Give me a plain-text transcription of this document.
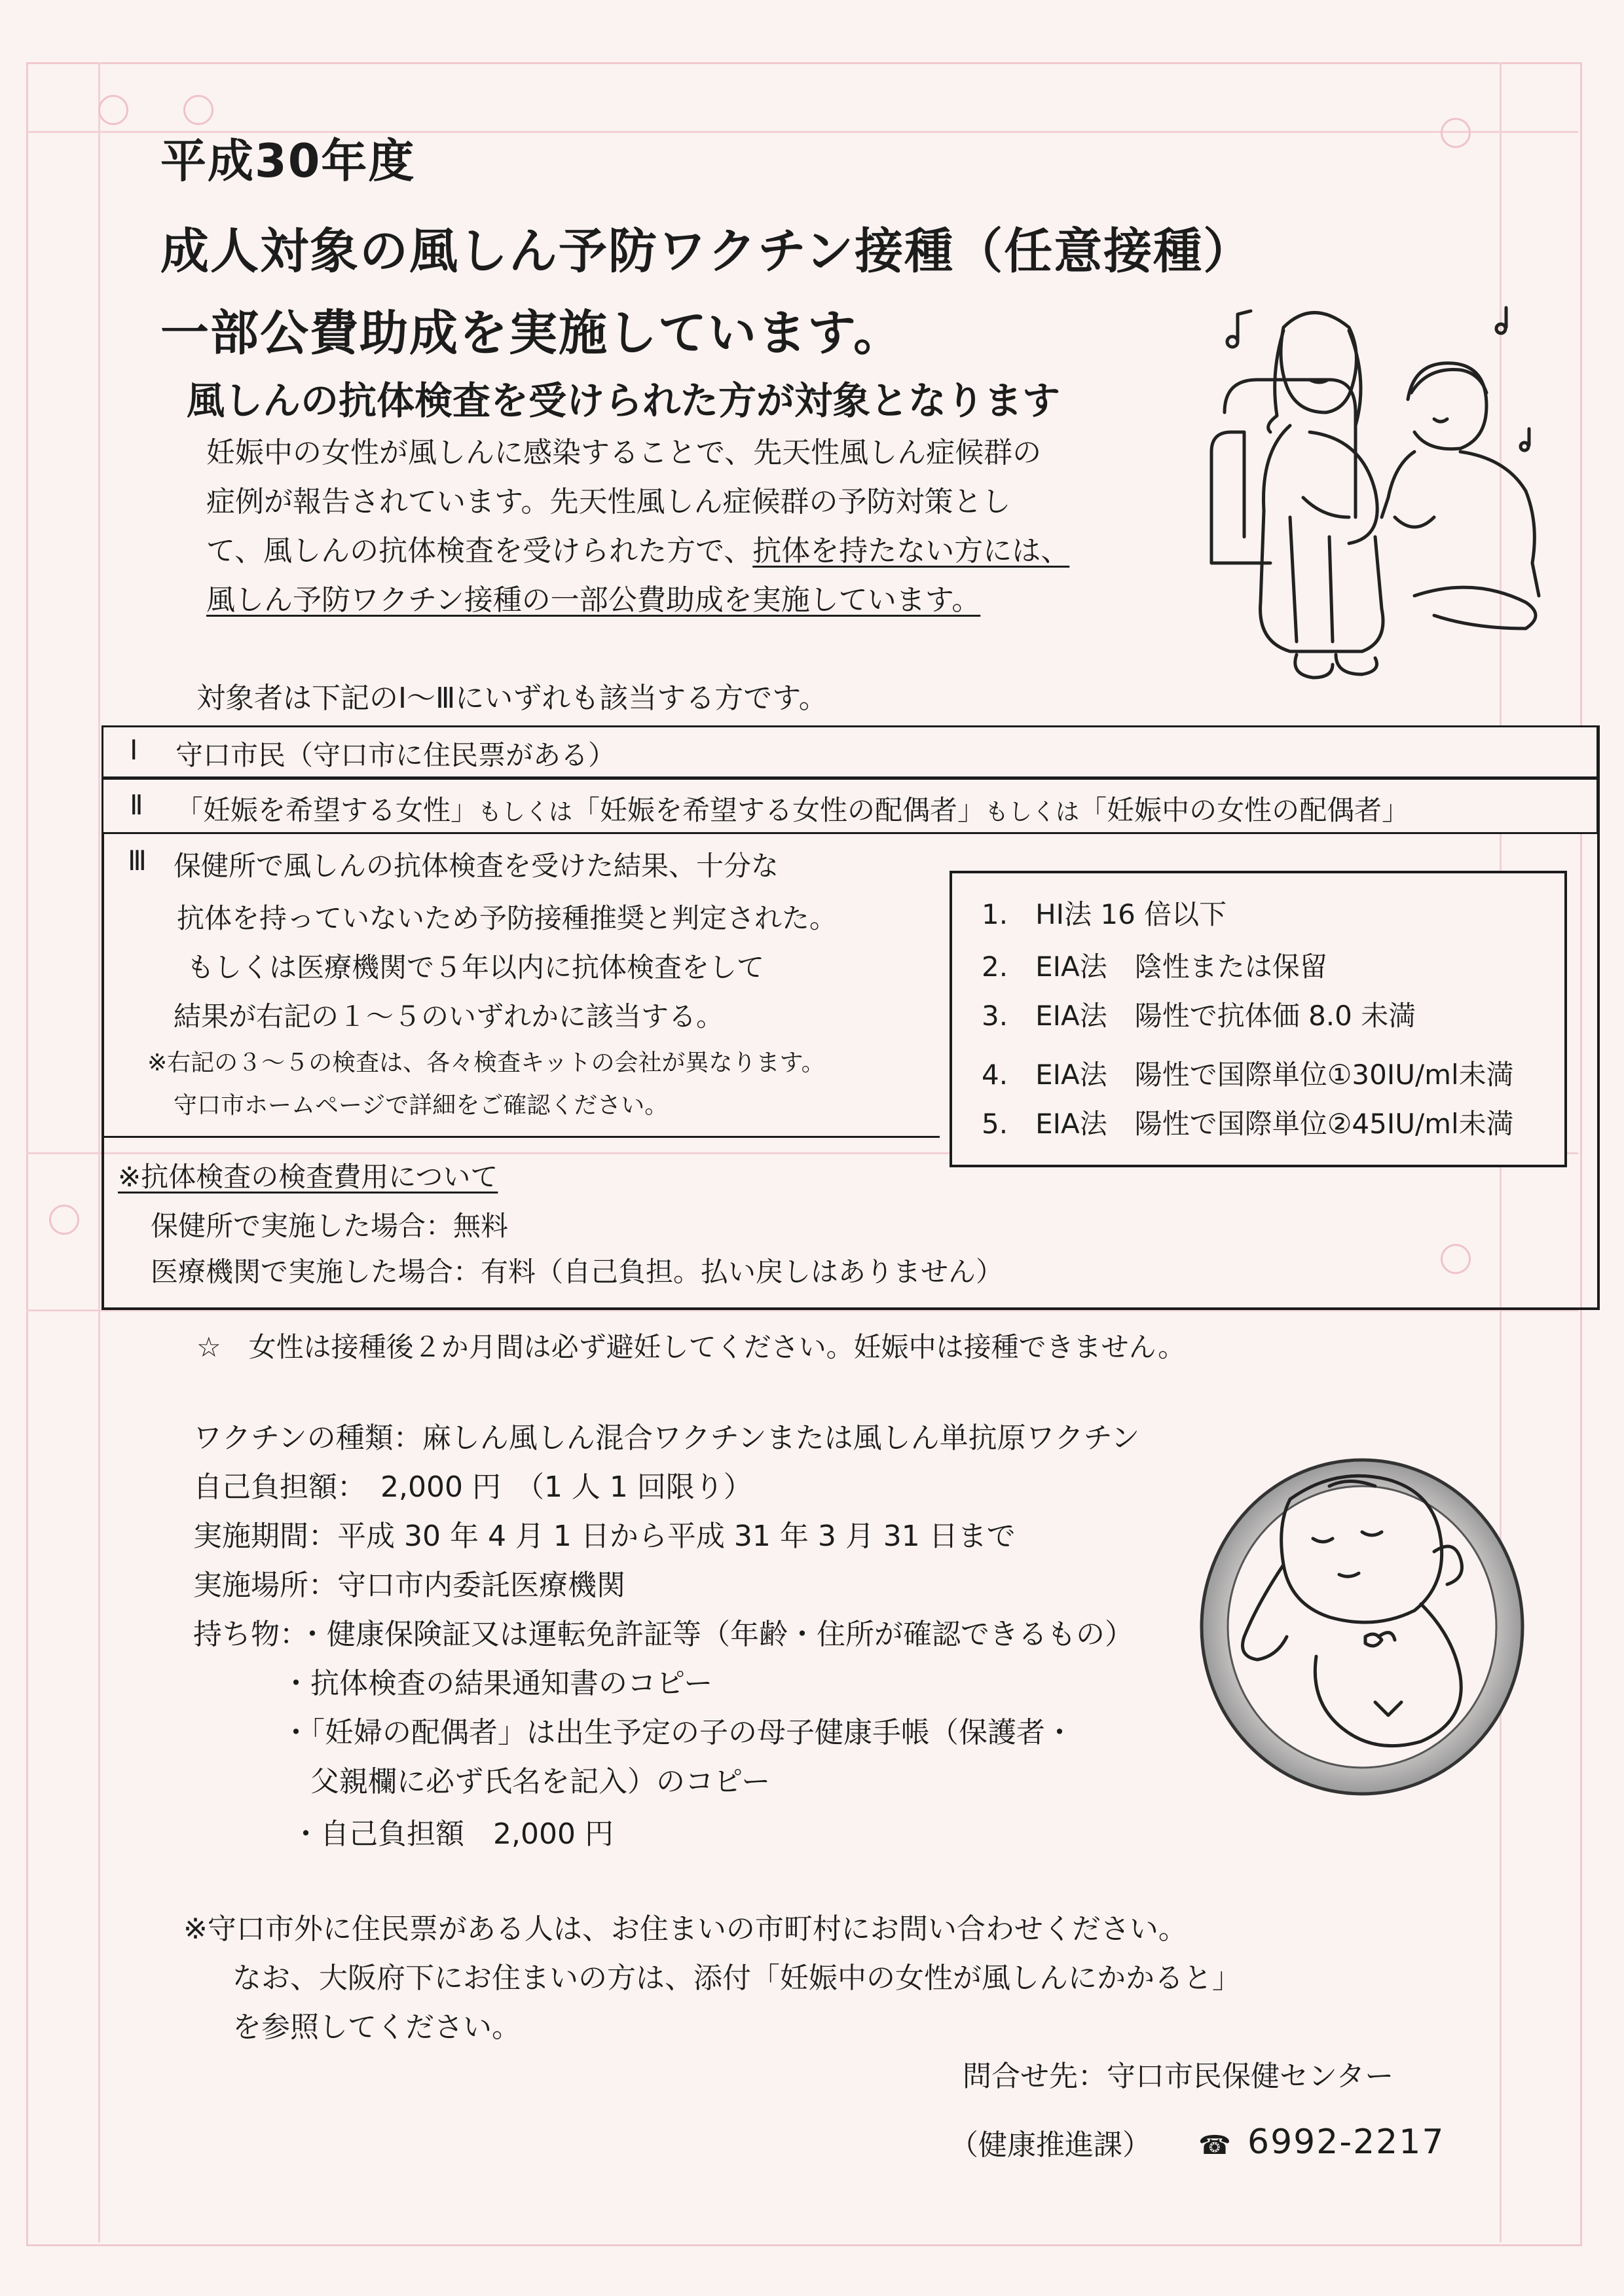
平成30年度
成人対象の風しん予防ワクチン接種（任意接種）
一部公費助成を実施しています。
風しんの抗体検査を受けられた方が対象となります
妊娠中の女性が風しんに感染することで、先天性風しん症候群の
症例が報告されています。先天性風しん症候群の予防対策とし
て、風しんの抗体検査を受けられた方で、抗体を持たない方には、
風しん予防ワクチン接種の一部公費助成を実施しています。
対象者は下記のⅠ～Ⅲにいずれも該当する方です。
Ⅰ 守口市民（守口市に住民票がある）
Ⅱ 「妊娠を希望する女性」もしくは「妊娠を希望する女性の配偶者」もしくは「妊娠中の女性の配偶者」
Ⅲ 保健所で風しんの抗体検査を受けた結果、十分な
抗体を持っていないため予防接種推奨と判定された。
もしくは医療機関で５年以内に抗体検査をして
結果が右記の１～５のいずれかに該当する。
※右記の３～５の検査は、各々検査キットの会社が異なります。
守口市ホームページで詳細をご確認ください。
1.　HI法 16 倍以下
2.　EIA法　陰性または保留
3.　EIA法　陽性で抗体価 8.0 未満
4.　EIA法　陽性で国際単位①30IU/ml未満
5.　EIA法　陽性で国際単位②45IU/ml未満
※抗体検査の検査費用について
保健所で実施した場合：無料
医療機関で実施した場合：有料（自己負担。払い戻しはありません）
☆　女性は接種後２か月間は必ず避妊してください。妊娠中は接種できません。
ワクチンの種類：麻しん風しん混合ワクチンまたは風しん単抗原ワクチン
自己負担額：　2,000 円　（1 人 1 回限り）
実施期間：平成 30 年 4 月 1 日から平成 31 年 3 月 31 日まで
実施場所：守口市内委託医療機関
持ち物：
・健康保険証又は運転免許証等（年齢・住所が確認できるもの）
・抗体検査の結果通知書のコピー
・「妊婦の配偶者」は出生予定の子の母子健康手帳（保護者・
　父親欄に必ず氏名を記入）のコピー
・自己負担額　2,000 円
※守口市外に住民票がある人は、お住まいの市町村にお問い合わせください。
なお、大阪府下にお住まいの方は、添付「妊娠中の女性が風しんにかかると」
を参照してください。
問合せ先：守口市民保健センター
（健康推進課） ☎ 6992-2217
